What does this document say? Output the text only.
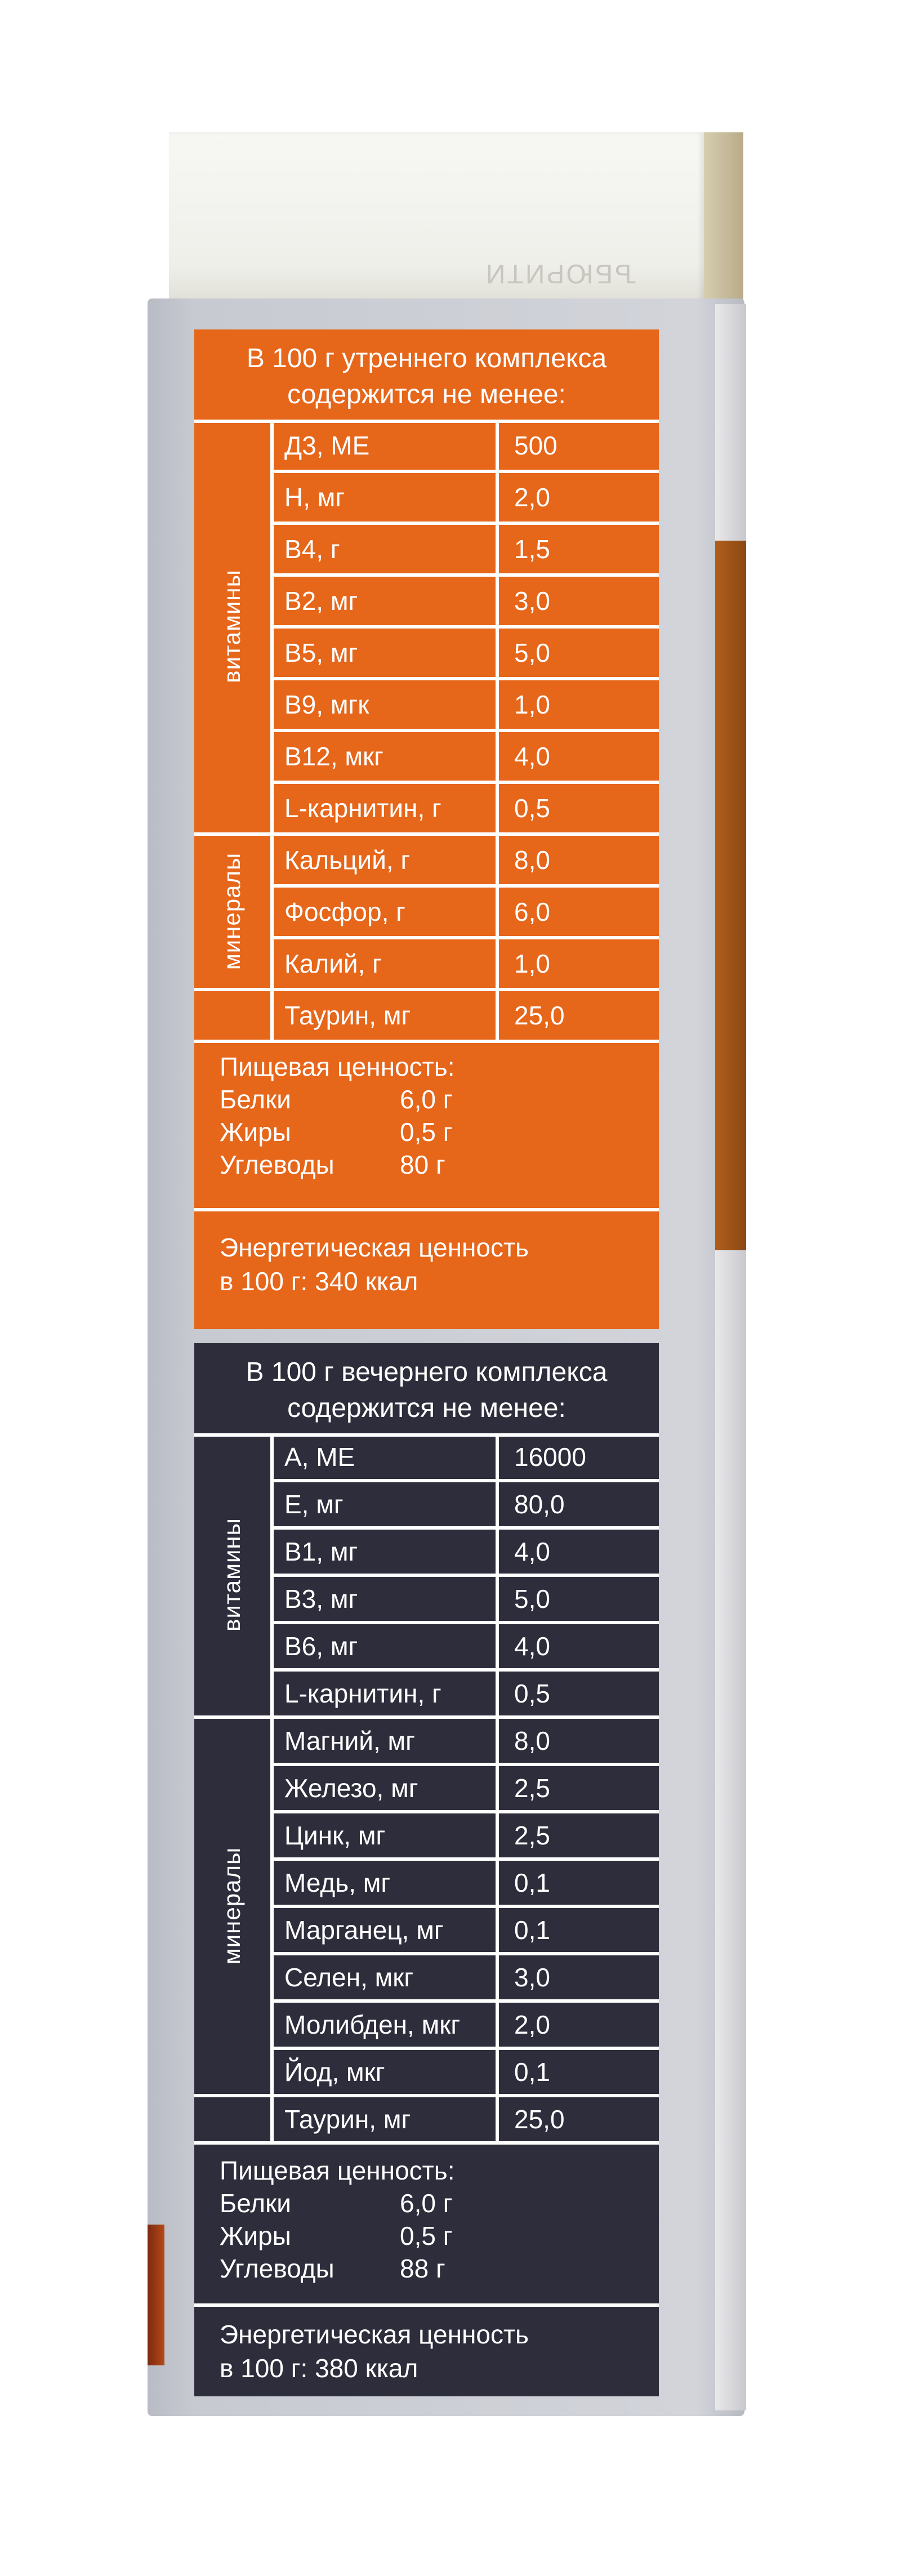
ЪБЮРИТИ
В 100 г утреннего комплекса
содержится не менее:
Д3, МЕ	500
Н, мг	2,0
В4, г	1,5
В2, мг	3,0
В5, мг	5,0
В9, мгк	1,0
В12, мкг	4,0
L-карнитин, г	0,5
Кальций, г	8,0
Фосфор, г	6,0
Калий, г	1,0
Таурин, мг	25,0
витамины
минералы
Пищевая ценность:
Белки	6,0 г
Жиры	0,5 г
Углеводы	80 г
Энергетическая ценность
в 100 г: 340 ккал
В 100 г вечернего комплекса
содержится не менее:
А, МЕ	16000
Е, мг	80,0
В1, мг	4,0
В3, мг	5,0
В6, мг	4,0
L-карнитин, г	0,5
Магний, мг	8,0
Железо, мг	2,5
Цинк, мг	2,5
Медь, мг	0,1
Марганец, мг	0,1
Селен, мкг	3,0
Молибден, мкг 2,0
Йод, мкг	0,1
Таурин, мг	25,0
витамины
минералы
Пищевая ценность:
Белки	6,0 г
Жиры	0,5 г
Углеводы	88 г
Энергетическая ценность
в 100 г: 380 ккал
